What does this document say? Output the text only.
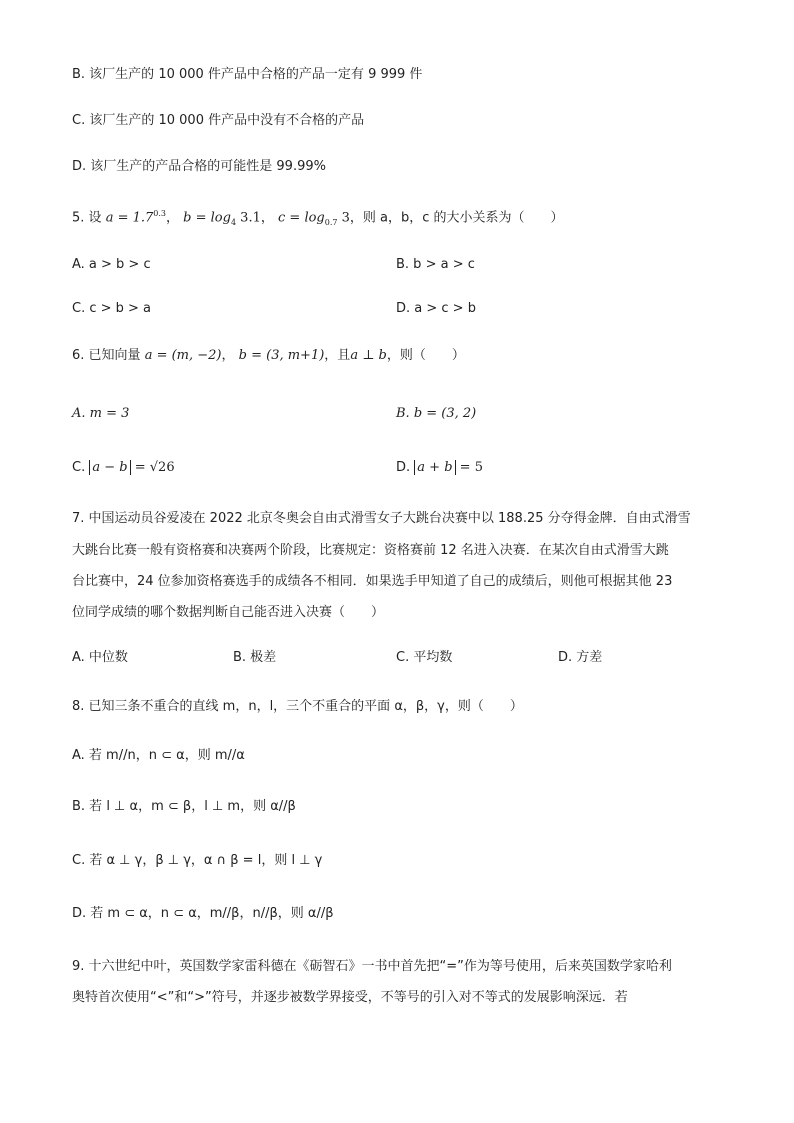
B. 该厂生产的 10 000 件产品中合格的产品一定有 9 999 件
C. 该厂生产的 10 000 件产品中没有不合格的产品
D. 该厂生产的产品合格的可能性是 99.99%
5. 设 $a = 1.7^{0.3}$， $b = \log_4 3.1$， $c = \log_{0.7} 3$，则 a，b，c 的大小关系为（　　）
A. a > b > c	B. b > a > c
C. c > b > a	D. a > c > b
6. 已知向量 a = (m, −2)， b = (3, m+1)，且a ⊥ b，则（　　）
A. m = 3	B. b = (3, 2)
C. a − b = √26	D. a + b = 5
7. 中国运动员谷爱凌在 2022 北京冬奥会自由式滑雪女子大跳台决赛中以 188.25 分夺得金牌．自由式滑雪
大跳台比赛一般有资格赛和决赛两个阶段，比赛规定：资格赛前 12 名进入决赛．在某次自由式滑雪大跳
台比赛中，24 位参加资格赛选手的成绩各不相同．如果选手甲知道了自己的成绩后，则他可根据其他 23
位同学成绩的哪个数据判断自己能否进入决赛（　　）
A. 中位数	B. 极差	C. 平均数	D. 方差
8. 已知三条不重合的直线 m，n，l，三个不重合的平面 α，β，γ，则（　　）
A. 若 m//n，n ⊂ α，则 m//α
B. 若 l ⊥ α，m ⊂ β，l ⊥ m，则 α//β
C. 若 α ⊥ γ，β ⊥ γ，α ∩ β = l，则 l ⊥ γ
D. 若 m ⊂ α，n ⊂ α，m//β，n//β，则 α//β
9. 十六世纪中叶，英国数学家雷科德在《砺智石》一书中首先把“=”作为等号使用，后来英国数学家哈利
奥特首次使用“<”和“>”符号，并逐步被数学界接受，不等号的引入对不等式的发展影响深远．若
